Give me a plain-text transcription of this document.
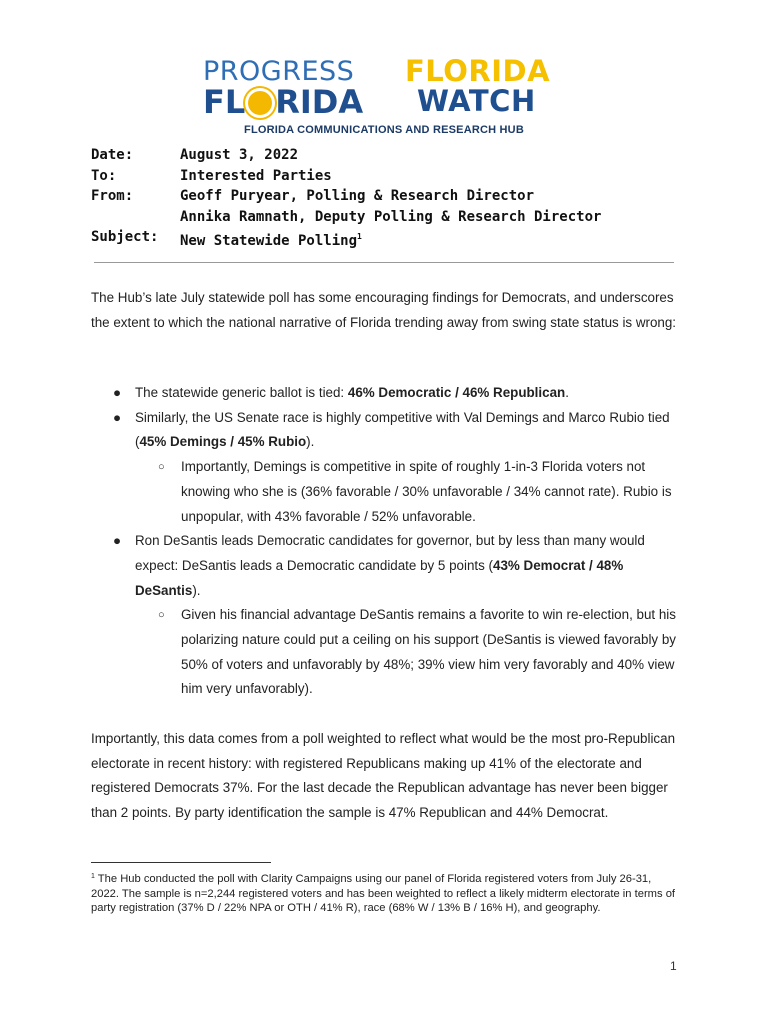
PROGRESS
FL RIDA
FLORIDA
WATCH
FLORIDA COMMUNICATIONS AND RESEARCH HUB
Date:	August 3, 2022
To:	Interested Parties
From:	Geoff Puryear, Polling & Research Director
Annika Ramnath, Deputy Polling & Research Director
Subject:	New Statewide Polling$^1$
The Hub’s late July statewide poll has some encouraging findings for Democrats, and underscores the extent to which the national narrative of Florida trending away from swing state status is wrong:
● The statewide generic ballot is tied: 46% Democratic / 46% Republican.
● Similarly, the US Senate race is highly competitive with Val Demings and Marco Rubio tied (45% Demings / 45% Rubio).
○ Importantly, Demings is competitive in spite of roughly 1-in-3 Florida voters not knowing who she is (36% favorable / 30% unfavorable / 34% cannot rate). Rubio is unpopular, with 43% favorable / 52% unfavorable.
● Ron DeSantis leads Democratic candidates for governor, but by less than many would expect: DeSantis leads a Democratic candidate by 5 points (43% Democrat / 48% DeSantis).
○ Given his financial advantage DeSantis remains a favorite to win re-election, but his polarizing nature could put a ceiling on his support (DeSantis is viewed favorably by 50% of voters and unfavorably by 48%; 39% view him very favorably and 40% view him very unfavorably).
Importantly, this data comes from a poll weighted to reflect what would be the most pro-Republican electorate in recent history: with registered Republicans making up 41% of the electorate and registered Democrats 37%. For the last decade the Republican advantage has never been bigger than 2 points. By party identification the sample is 47% Republican and 44% Democrat.
$^1$ The Hub conducted the poll with Clarity Campaigns using our panel of Florida registered voters from July 26-31, 2022. The sample is n=2,244 registered voters and has been weighted to reflect a likely midterm electorate in terms of party registration (37% D / 22% NPA or OTH / 41% R), race (68% W / 13% B / 16% H), and geography.
1
